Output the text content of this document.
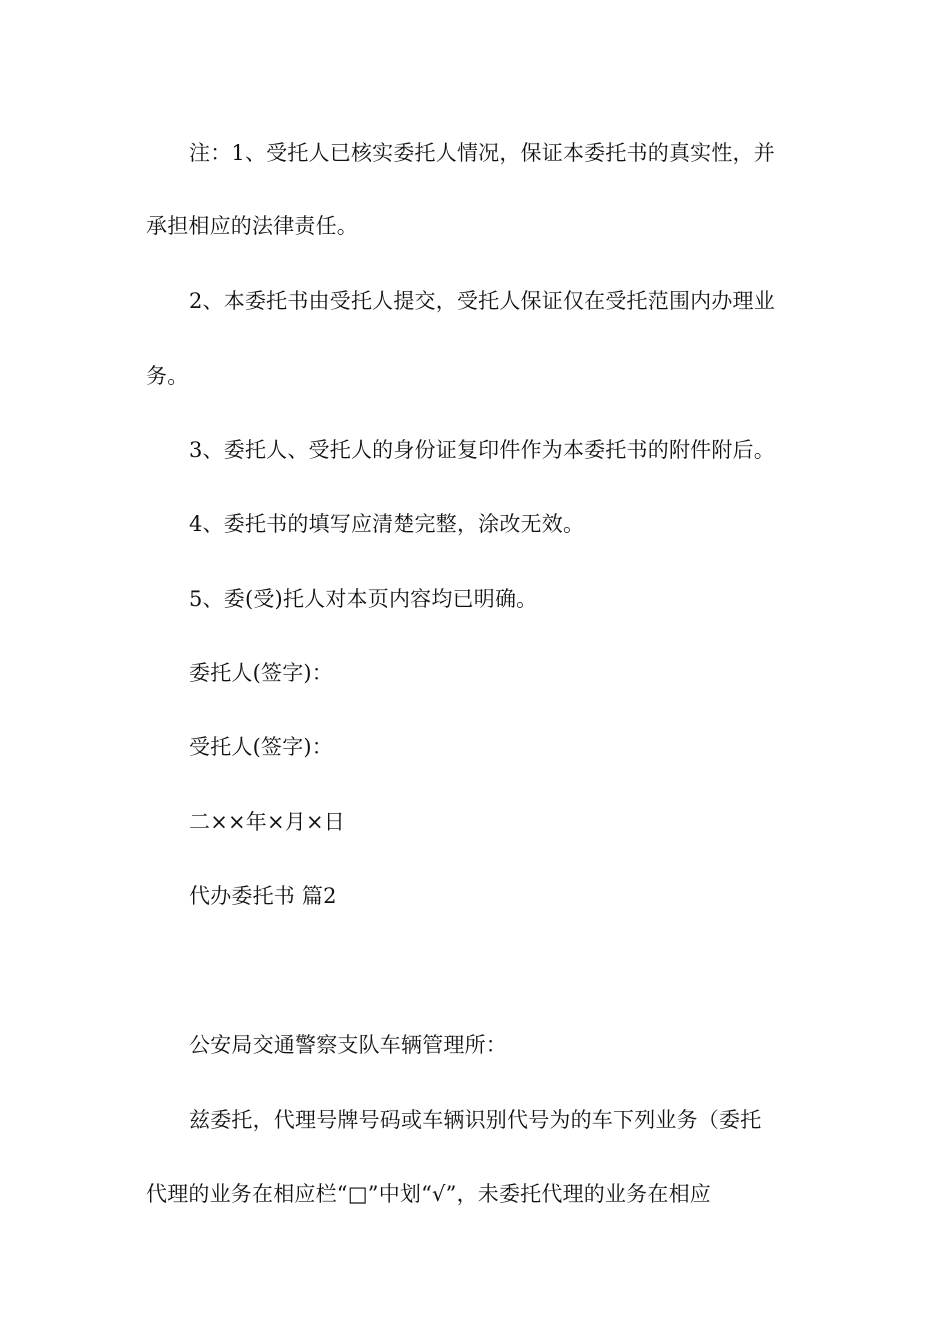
注：1、受托人已核实委托人情况，保证本委托书的真实性，并
承担相应的法律责任。
2、本委托书由受托人提交，受托人保证仅在受托范围内办理业
务。
3、委托人、受托人的身份证复印件作为本委托书的附件附后。
4、委托书的填写应清楚完整，涂改无效。
5、委(受)托人对本页内容均已明确。
委托人(签字)：
受托人(签字)：
二××年×月×日
代办委托书 篇2
公安局交通警察支队车辆管理所：
兹委托，代理号牌号码或车辆识别代号为的车下列业务（委托
代理的业务在相应栏“□”中划“√”，未委托代理的业务在相应
